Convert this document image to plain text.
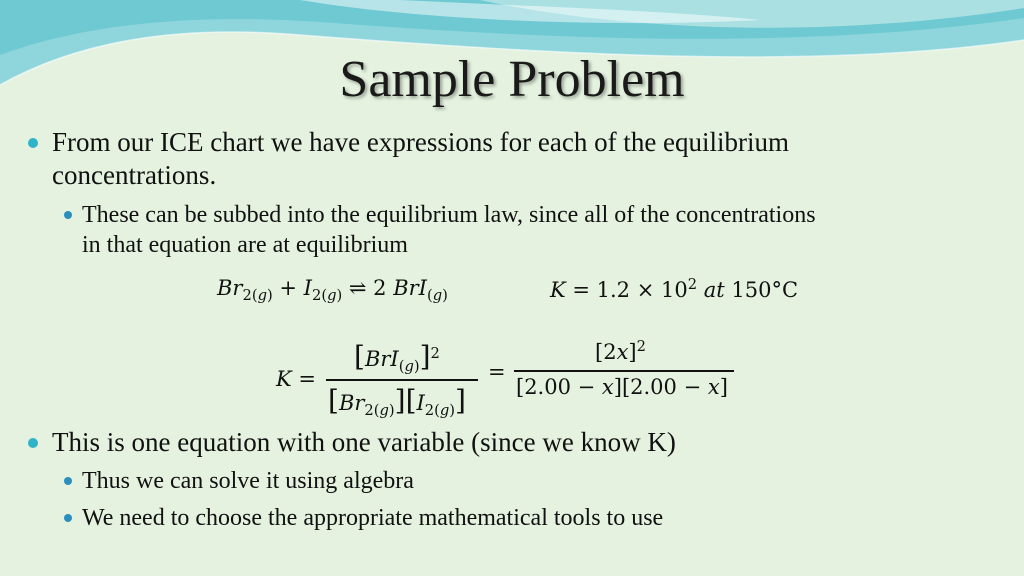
Sample Problem
From our ICE chart we have expressions for each of the equilibrium
concentrations.
These can be subbed into the equilibrium law, since all of the concentrations
in that equation are at equilibrium
$Br_{2(g)} + I_{2(g)}$ ⇌ 2 BrI$_{(g)}$	$K = 1.2 \times 10^2$ at 150°C
K =
$[BrI_{(g)}]^2$
$[Br_{2(g)}][I_{2(g)}]$
=
$[2x]^2$
[2.00 − x][2.00 − x]
This is one equation with one variable (since we know K)
Thus we can solve it using algebra
We need to choose the appropriate mathematical tools to use
